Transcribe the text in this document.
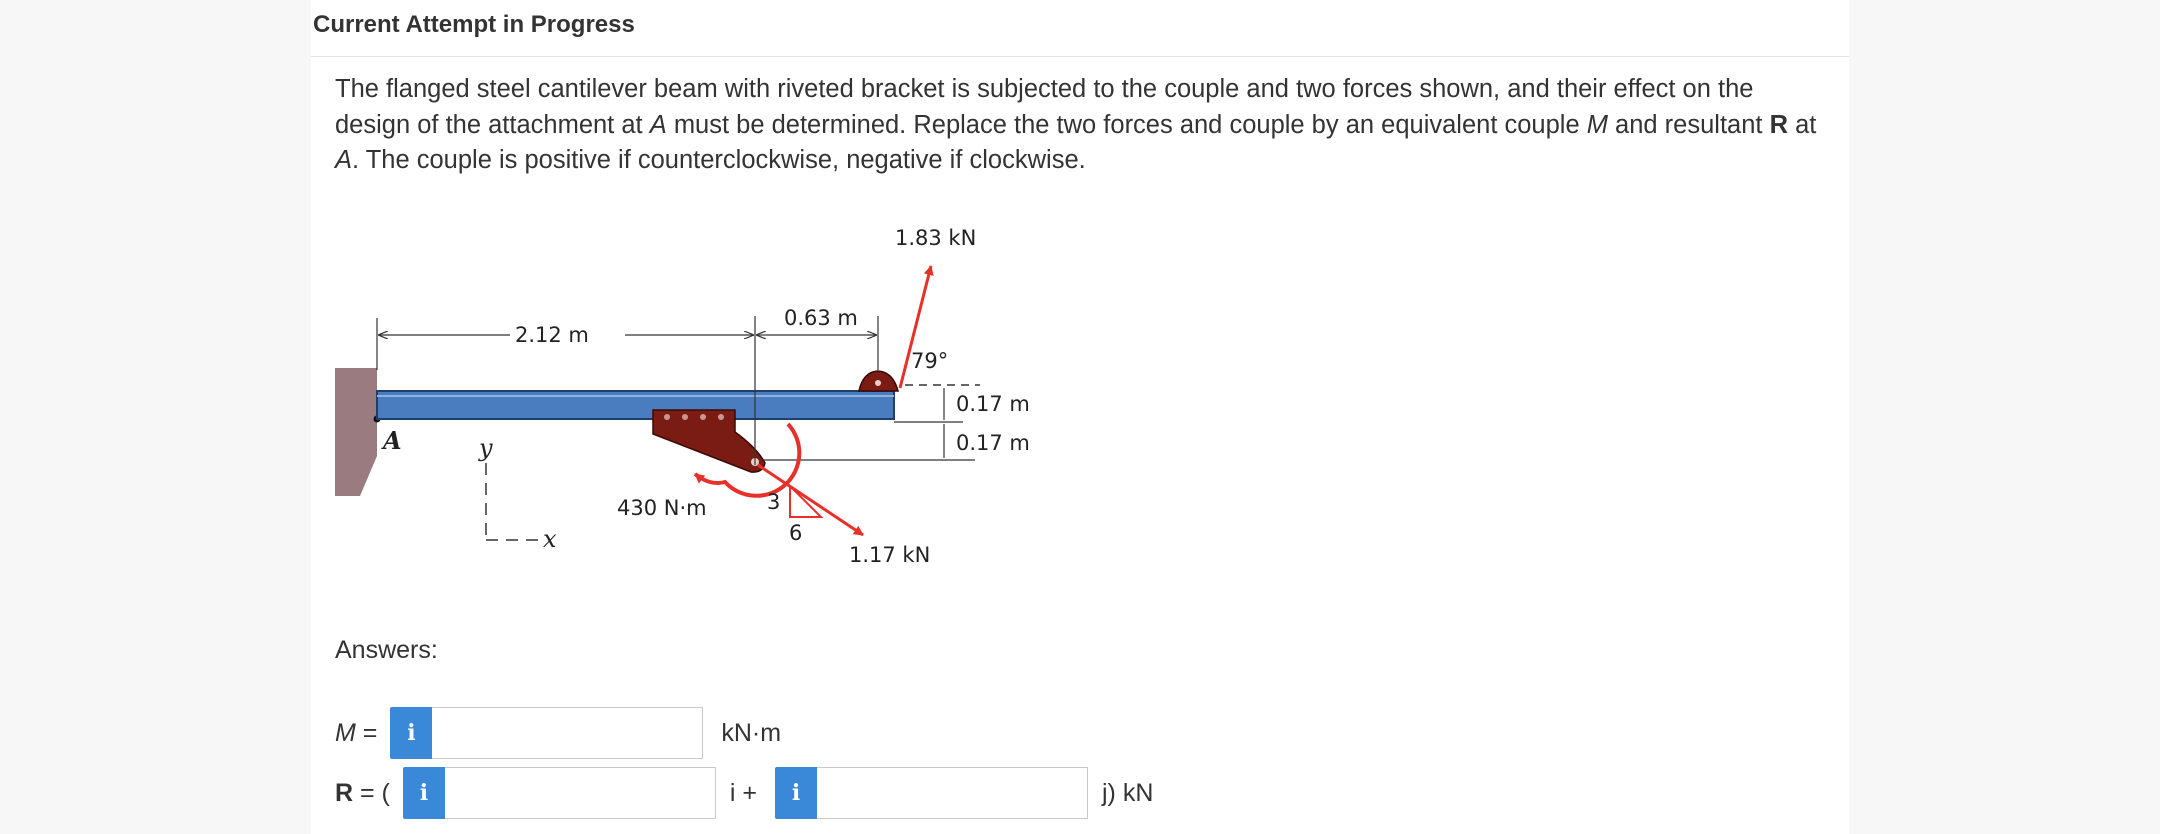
Current Attempt in Progress
The flanged steel cantilever beam with riveted bracket is subjected to the couple and two forces shown, and their effect on the design of the attachment at A must be determined. Replace the two forces and couple by an equivalent couple M and resultant R at A. The couple is positive if counterclockwise, negative if clockwise.
2.12 m
0.63 m
1.83 kN
79°
0.17 m
0.17 m
430 N·m
1.17 kN
3
6
A	y
x
Answers:
M =	i	kN·m
R = (	i	i +	i	j) kN
